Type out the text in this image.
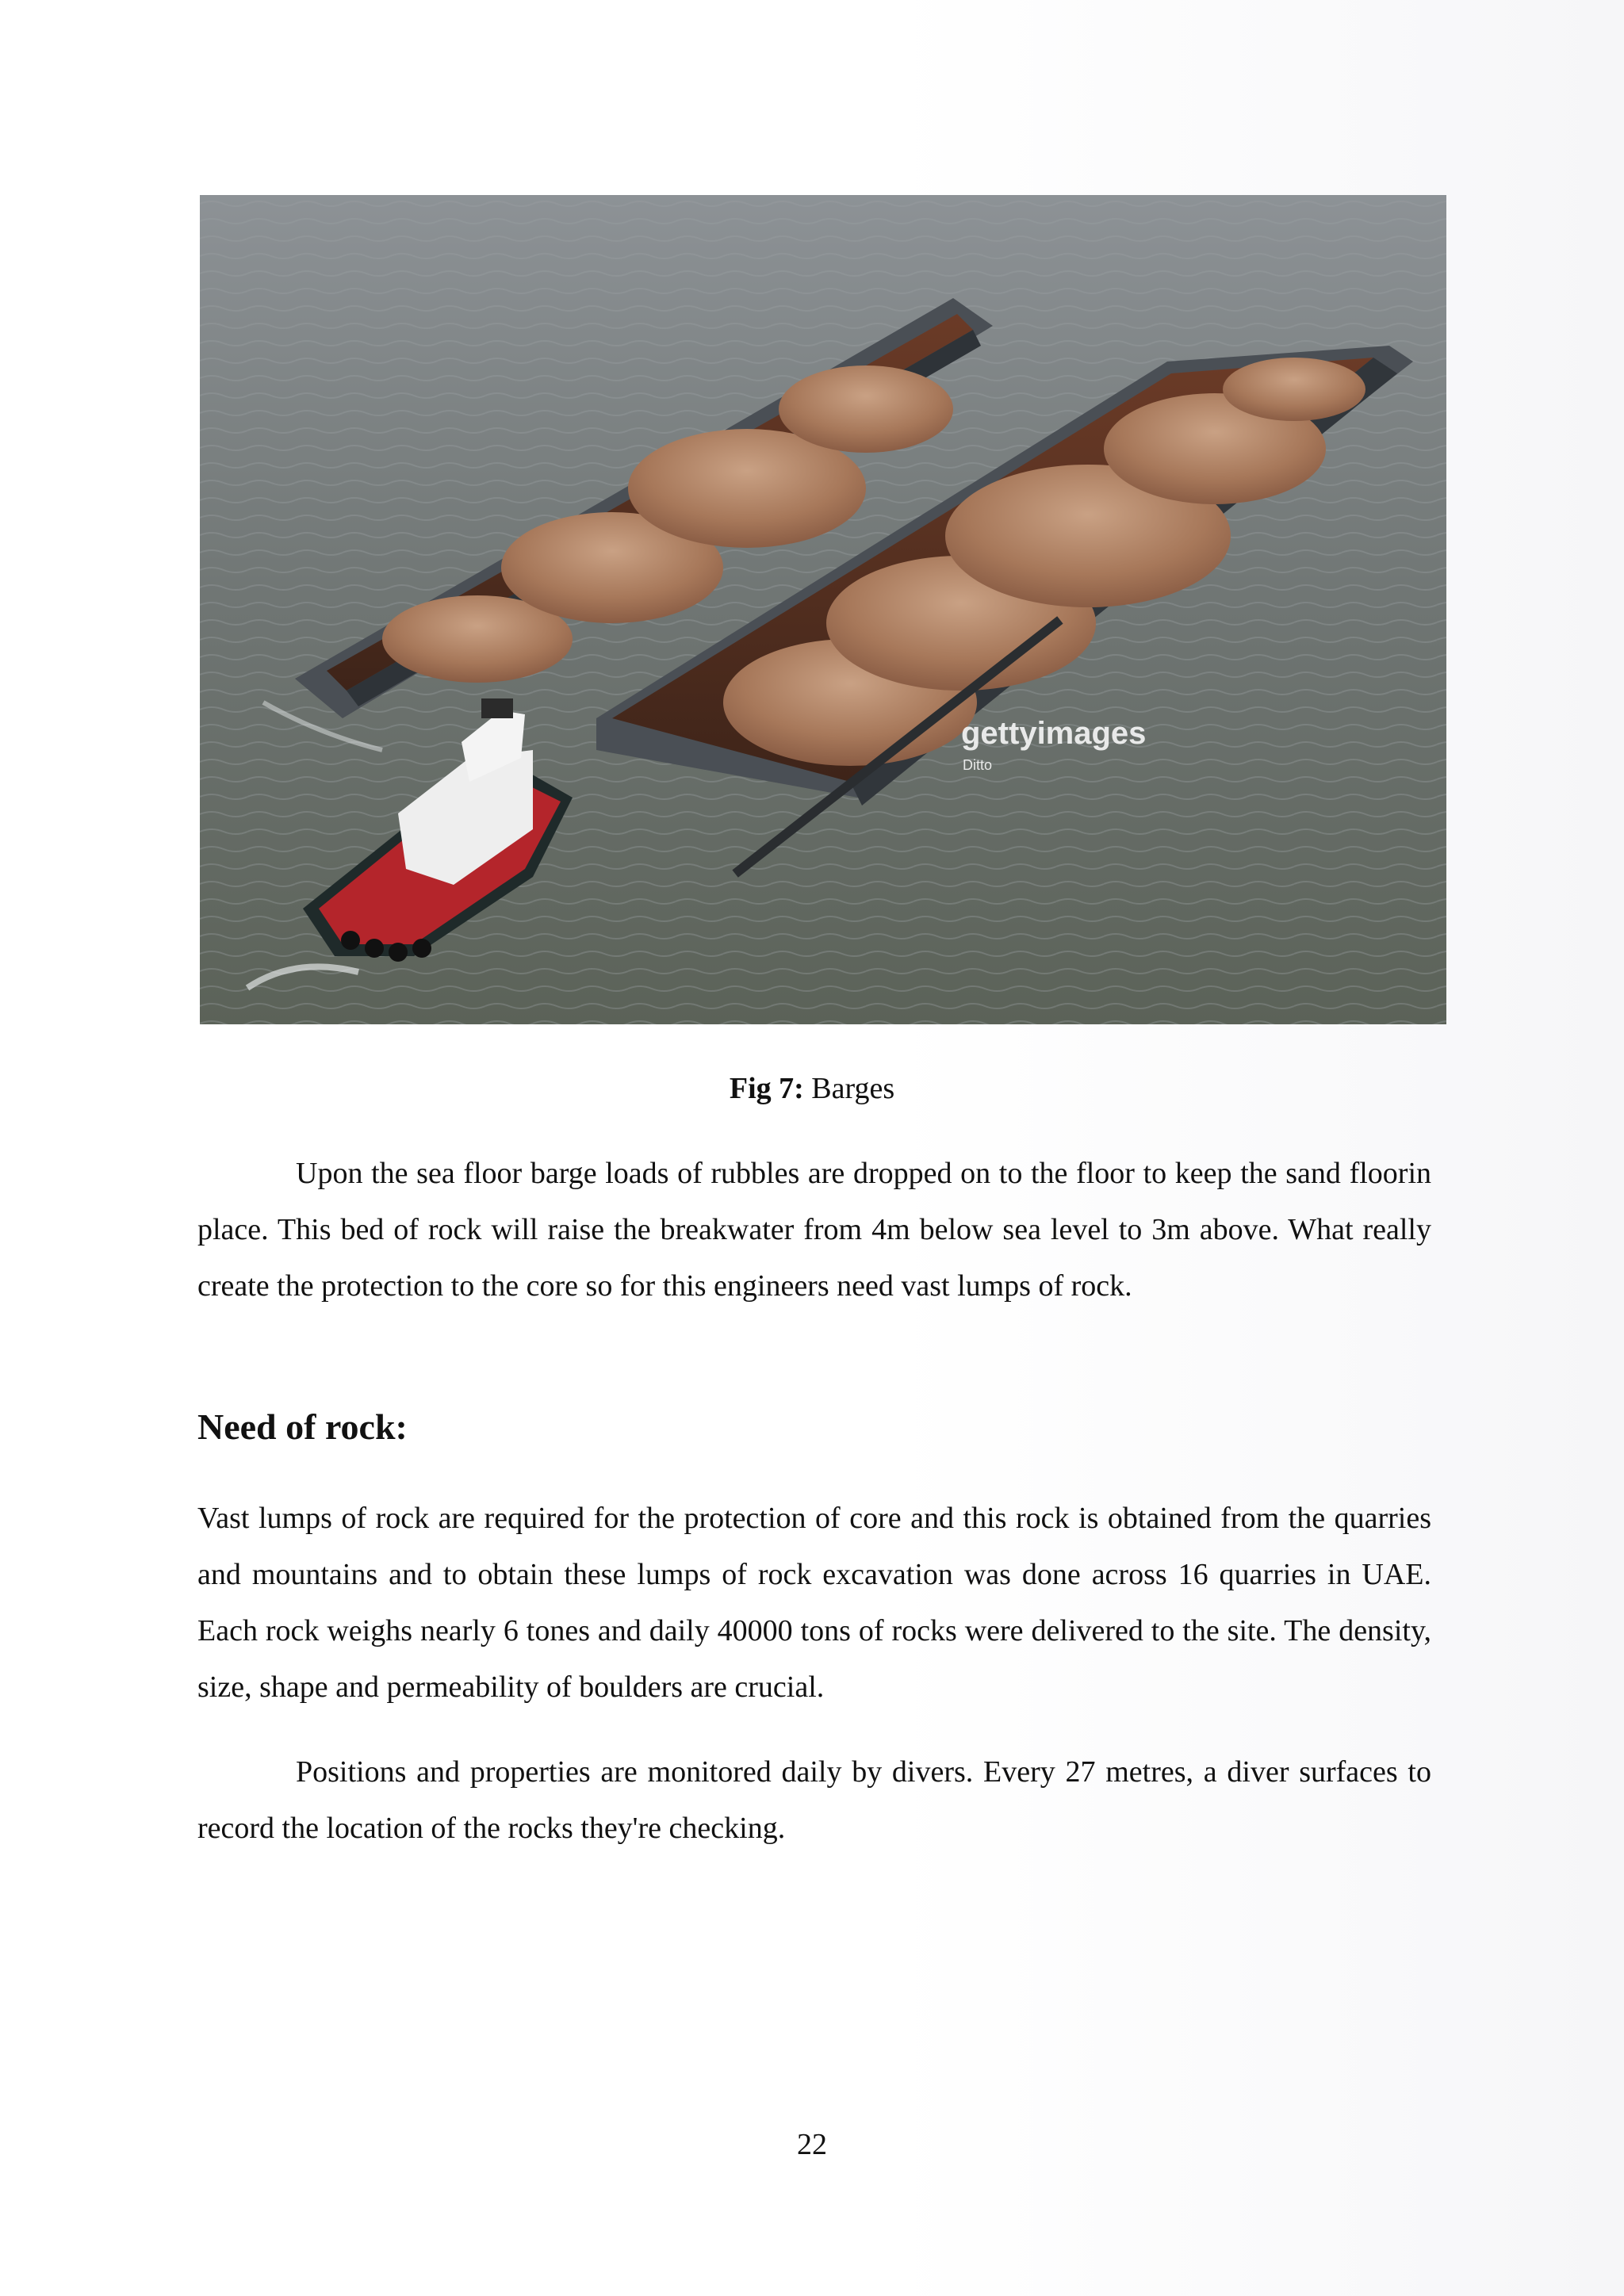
gettyimages
Ditto
Fig 7: Barges

Upon the sea floor barge loads of rubbles are dropped on to the floor to keep the sand floorin place. This bed of rock will raise the breakwater from 4m below sea level to 3m above. What really create the protection to the core so for this engineers need vast lumps of rock.

Need of rock:

Vast lumps of rock are required for the protection of core and this rock is obtained from the quarries and mountains and to obtain these lumps of rock excavation was done across 16 quarries in UAE. Each rock weighs nearly 6 tones and daily 40000 tons of rocks were delivered to the site. The density, size, shape and permeability of boulders are crucial.

Positions and properties are monitored daily by divers. Every 27 metres, a diver surfaces to record the location of the rocks they're checking.

22
